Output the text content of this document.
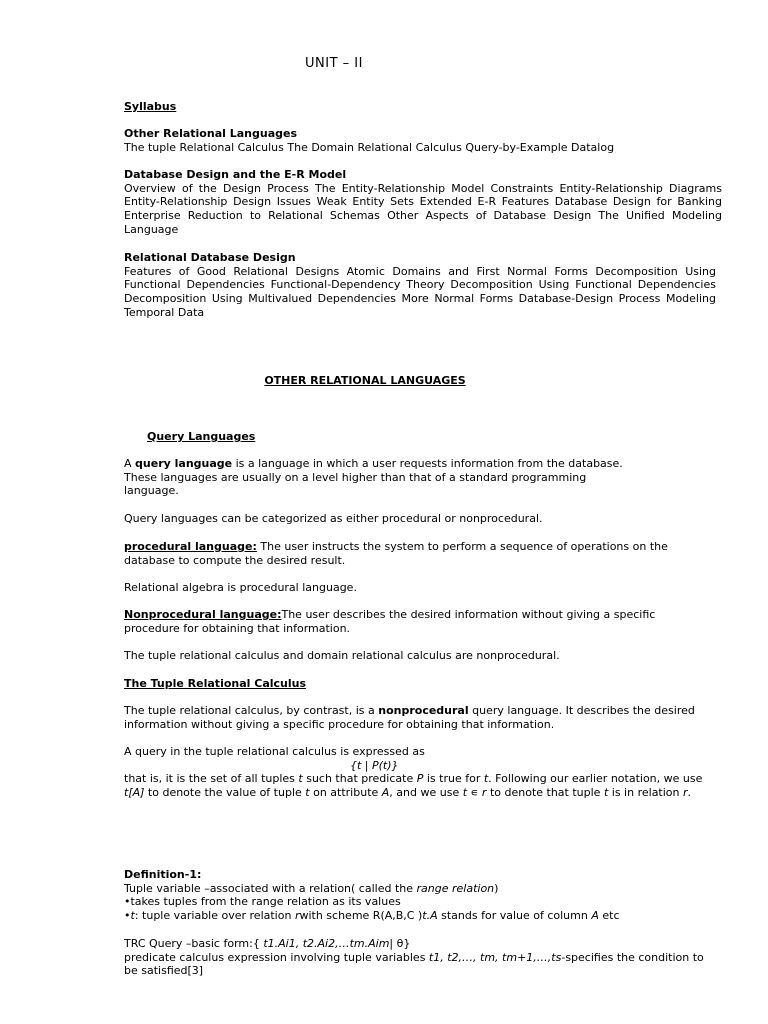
UNIT – II
Syllabus

Other Relational Languages

The tuple Relational Calculus The Domain Relational Calculus Query-by-Example Datalog

Database Design and the E-R Model

Overview of the Design Process The Entity-Relationship Model Constraints Entity-Relationship Diagrams Entity-Relationship Design Issues Weak Entity Sets Extended E-R Features Database Design for Banking Enterprise Reduction to Relational Schemas Other Aspects of Database Design The Unified Modeling Language

Relational Database Design

Features of Good Relational Designs Atomic Domains and First Normal Forms Decomposition Using Functional Dependencies Functional-Dependency Theory Decomposition Using Functional Dependencies Decomposition Using Multivalued Dependencies More Normal Forms Database-Design Process Modeling Temporal Data

OTHER RELATIONAL LANGUAGES
Query Languages

A query language is a language in which a user requests information from the database.

These languages are usually on a level higher than that of a standard programming

language.

Query languages can be categorized as either procedural or nonprocedural.
procedural language: The user instructs the system to perform a sequence of operations on the database to compute the desired result.
Relational algebra is procedural language.
Nonprocedural language:The user describes the desired information without giving a specific procedure for obtaining that information.
The tuple relational calculus and domain relational calculus are nonprocedural.
The Tuple Relational Calculus
The tuple relational calculus, by contrast, is a nonprocedural query language. It describes the desired information without giving a specific procedure for obtaining that information.
A query in the tuple relational calculus is expressed as
{t | P(t)}
that is, it is the set of all tuples t such that predicate P is true for t. Following our earlier notation, we use t[A] to denote the value of tuple t on attribute A, and we use t ∊ r to denote that tuple t is in relation r.

Definition-1:

Tuple variable –associated with a relation( called the range relation)

•takes tuples from the range relation as its values

•t: tuple variable over relation rwith scheme R(A,B,C )t.A stands for value of column A etc

TRC Query –basic form:{ t1.Ai1, t2.Ai2,…tm.Aim| θ}

predicate calculus expression involving tuple variables t1, t2,…, tm, tm+1,…,ts-specifies the condition to be satisfied[3]
